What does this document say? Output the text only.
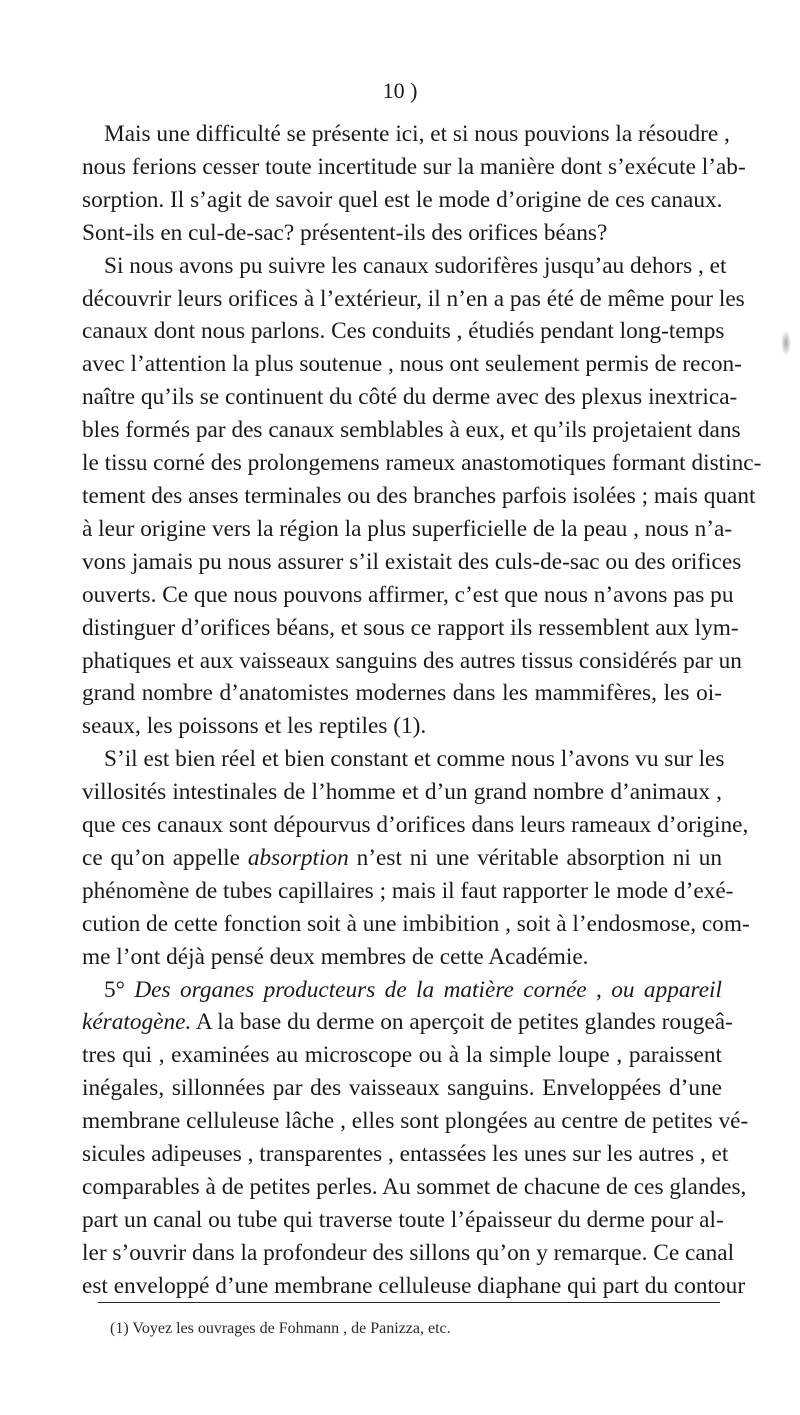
10 )
Mais une difficulté se présente ici, et si nous pouvions la résoudre ,
nous ferions cesser toute incertitude sur la manière dont s’exécute l’ab-
sorption. Il s’agit de savoir quel est le mode d’origine de ces canaux.
Sont-ils en cul-de-sac? présentent-ils des orifices béans?
Si nous avons pu suivre les canaux sudorifères jusqu’au dehors , et
découvrir leurs orifices à l’extérieur, il n’en a pas été de même pour les
canaux dont nous parlons. Ces conduits , étudiés pendant long-temps
avec l’attention la plus soutenue , nous ont seulement permis de recon-
naître qu’ils se continuent du côté du derme avec des plexus inextrica-
bles formés par des canaux semblables à eux, et qu’ils projetaient dans
le tissu corné des prolongemens rameux anastomotiques formant distinc-
tement des anses terminales ou des branches parfois isolées ; mais quant
à leur origine vers la région la plus superficielle de la peau , nous n’a-
vons jamais pu nous assurer s’il existait des culs-de-sac ou des orifices
ouverts. Ce que nous pouvons affirmer, c’est que nous n’avons pas pu
distinguer d’orifices béans, et sous ce rapport ils ressemblent aux lym-
phatiques et aux vaisseaux sanguins des autres tissus considérés par un
grand nombre d’anatomistes modernes dans les mammifères, les oi-
seaux, les poissons et les reptiles (1).
S’il est bien réel et bien constant et comme nous l’avons vu sur les
villosités intestinales de l’homme et d’un grand nombre d’animaux ,
que ces canaux sont dépourvus d’orifices dans leurs rameaux d’origine,
ce qu’on appelle absorption n’est ni une véritable absorption ni un
phénomène de tubes capillaires ; mais il faut rapporter le mode d’exé-
cution de cette fonction soit à une imbibition , soit à l’endosmose, com-
me l’ont déjà pensé deux membres de cette Académie.
5° Des organes producteurs de la matière cornée , ou appareil
kératogène. A la base du derme on aperçoit de petites glandes rougeâ-
tres qui , examinées au microscope ou à la simple loupe , paraissent
inégales, sillonnées par des vaisseaux sanguins. Enveloppées d’une
membrane celluleuse lâche , elles sont plongées au centre de petites vé-
sicules adipeuses , transparentes , entassées les unes sur les autres , et
comparables à de petites perles. Au sommet de chacune de ces glandes,
part un canal ou tube qui traverse toute l’épaisseur du derme pour al-
ler s’ouvrir dans la profondeur des sillons qu’on y remarque. Ce canal
est enveloppé d’une membrane celluleuse diaphane qui part du contour
(1) Voyez les ouvrages de Fohmann , de Panizza, etc.
